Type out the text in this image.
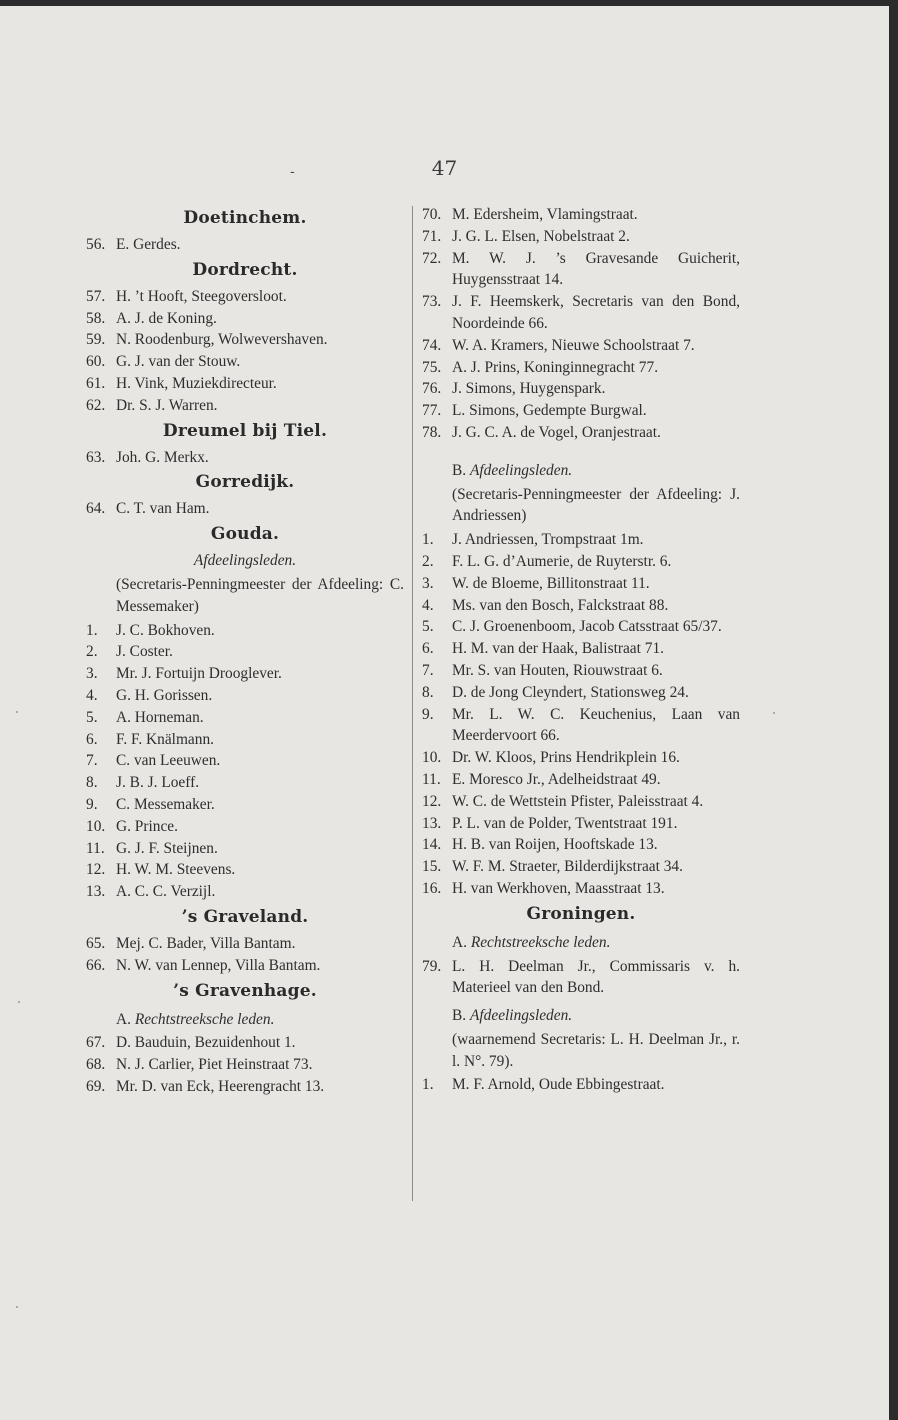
-	47
Doetinchem.
56. E. Gerdes.
Dordrecht.
57. H. ’t Hooft, Steegoversloot.
58. A. J. de Koning.
59. N. Roodenburg, Wolwevershaven.
60. G. J. van der Stouw.
61. H. Vink, Muziekdirecteur.
62. Dr. S. J. Warren.
Dreumel bij Tiel.
63. Joh. G. Merkx.
Gorredijk.
64. C. T. van Ham.
Gouda.
Afdeelingsleden.
(Secretaris-Penningmeester der Afdeeling: C. Messemaker)
1. J. C. Bokhoven.
2. J. Coster.
3. Mr. J. Fortuijn Drooglever.
4. G. H. Gorissen.
5. A. Horneman.
6. F. F. Knälmann.
7. C. van Leeuwen.
8. J. B. J. Loeff.
9. C. Messemaker.
10. G. Prince.
11. G. J. F. Steijnen.
12. H. W. M. Steevens.
13. A. C. C. Verzijl.
’s Graveland.
65. Mej. C. Bader, Villa Bantam.
66. N. W. van Lennep, Villa Bantam.
’s Gravenhage.
A. Rechtstreeksche leden.
67. D. Bauduin, Bezuidenhout 1.
68. N. J. Carlier, Piet Heinstraat 73.
69. Mr. D. van Eck, Heerengracht 13.
70. M. Edersheim, Vlamingstraat.
71. J. G. L. Elsen, Nobelstraat 2.
72. M. W. J. ’s Gravesande Guicherit, Huygensstraat 14.
73. J. F. Heemskerk, Secretaris van den Bond, Noordeinde 66.
74. W. A. Kramers, Nieuwe Schoolstraat 7.
75. A. J. Prins, Koninginnegracht 77.
76. J. Simons, Huygenspark.
77. L. Simons, Gedempte Burgwal.
78. J. G. C. A. de Vogel, Oranjestraat.
B. Afdeelingsleden.
(Secretaris-Penningmeester der Afdeeling: J. Andriessen)
1. J. Andriessen, Trompstraat 1m.
2. F. L. G. d’Aumerie, de Ruyterstr. 6.
3. W. de Bloeme, Billitonstraat 11.
4. Ms. van den Bosch, Falckstraat 88.
5. C. J. Groenenboom, Jacob Catsstraat 65/37.
6. H. M. van der Haak, Balistraat 71.
7. Mr. S. van Houten, Riouwstraat 6.
8. D. de Jong Cleyndert, Stationsweg 24.
9. Mr. L. W. C. Keuchenius, Laan van Meerdervoort 66.
10. Dr. W. Kloos, Prins Hendrikplein 16.
11. E. Moresco Jr., Adelheidstraat 49.
12. W. C. de Wettstein Pfister, Paleisstraat 4.
13. P. L. van de Polder, Twentstraat 191.
14. H. B. van Roijen, Hooftskade 13.
15. W. F. M. Straeter, Bilderdijkstraat 34.
16. H. van Werkhoven, Maasstraat 13.
Groningen.
A. Rechtstreeksche leden.
79. L. H. Deelman Jr., Commissaris v. h. Materieel van den Bond.
B. Afdeelingsleden.
(waarnemend Secretaris: L. H. Deelman Jr., r. l. N°. 79).
1. M. F. Arnold, Oude Ebbingestraat.
